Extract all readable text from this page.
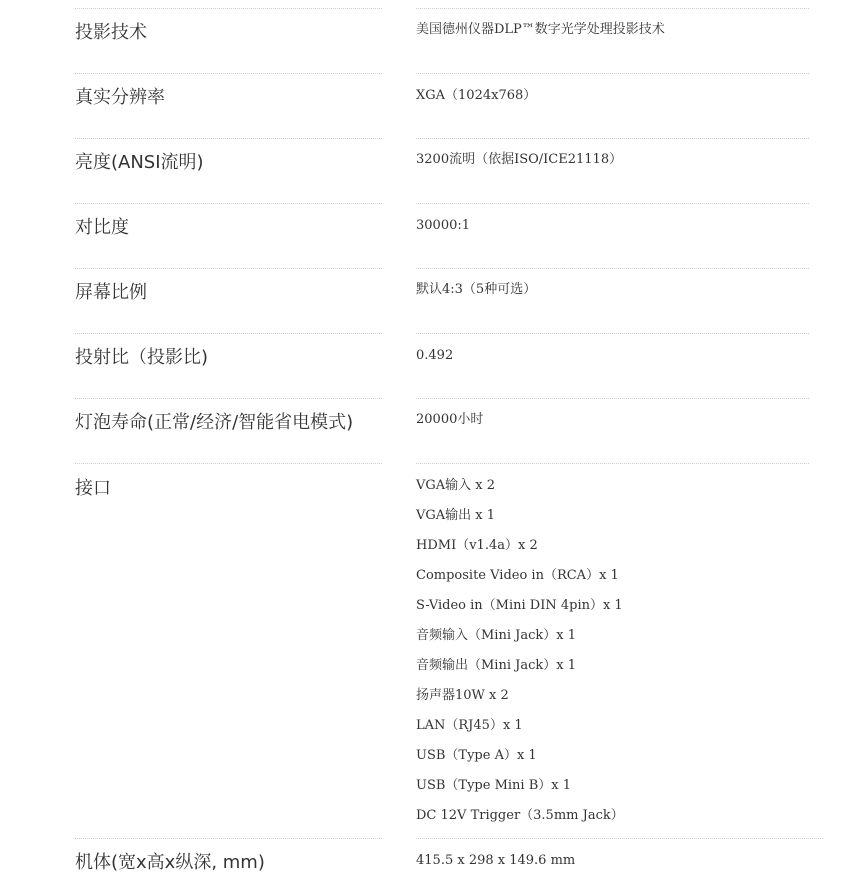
投影技术	美国德州仪器DLP™数字光学处理投影技术
真实分辨率	XGA（1024x768）
亮度(ANSI流明)	3200流明（依据ISO/ICE21118）
对比度	30000:1
屏幕比例	默认4:3（5种可选）
投射比（投影比)	0.492
灯泡寿命(正常/经济/智能省电模式)	20000小时
接口	VGA输入 x 2
VGA输出 x 1
HDMI（v1.4a）x 2
Composite Video in（RCA）x 1
S-Video in（Mini DIN 4pin）x 1
音频输入（Mini Jack）x 1
音频输出（Mini Jack）x 1
扬声器10W x 2
LAN（RJ45）x 1
USB（Type A）x 1
USB（Type Mini B）x 1
DC 12V Trigger（3.5mm Jack）
机体(宽x高x纵深, mm)	415.5 x 298 x 149.6 mm
